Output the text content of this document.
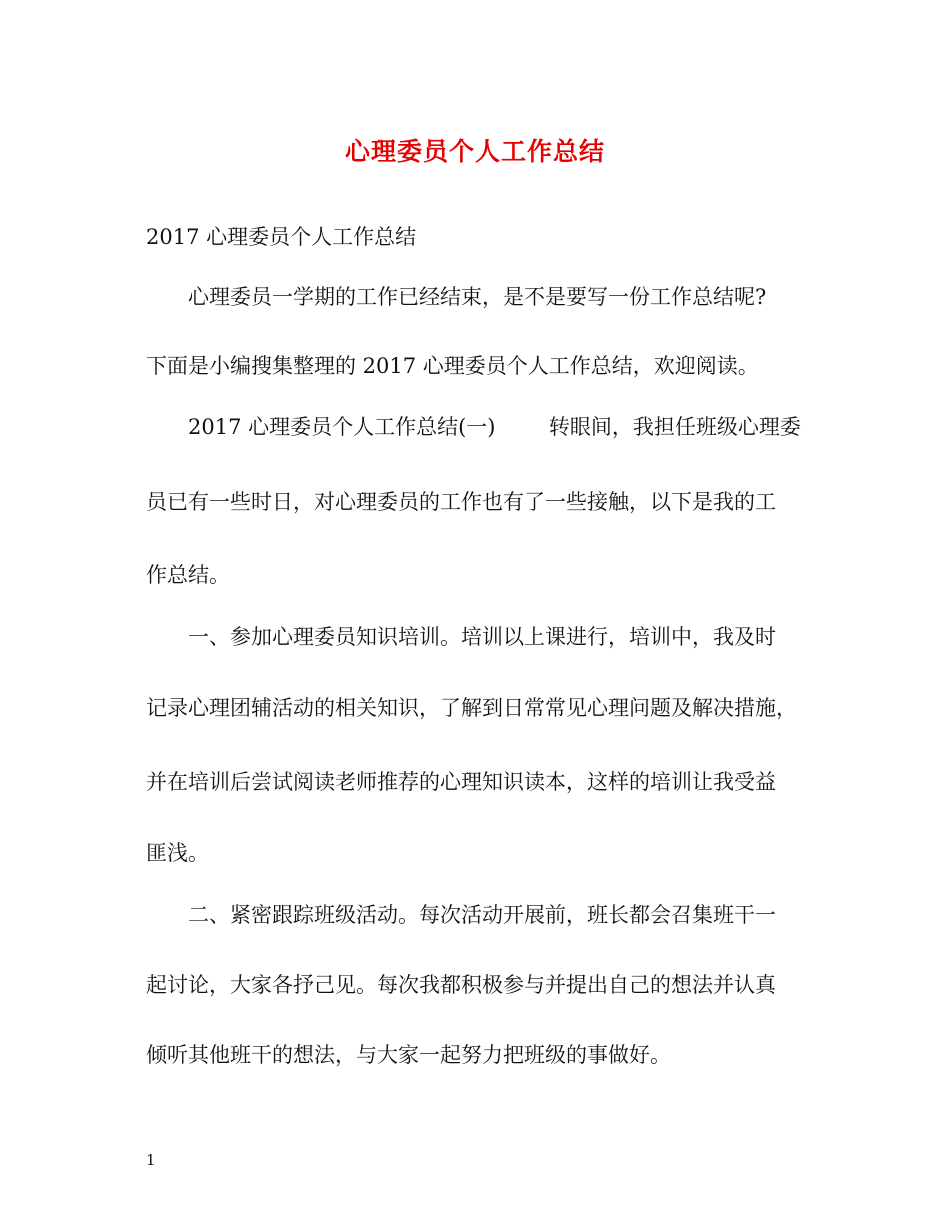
心理委员个人工作总结
2017 心理委员个人工作总结
心理委员一学期的工作已经结束，是不是要写一份工作总结呢?
下面是小编搜集整理的 2017 心理委员个人工作总结，欢迎阅读。
2017 心理委员个人工作总结(一)        转眼间，我担任班级心理委
员已有一些时日，对心理委员的工作也有了一些接触，以下是我的工
作总结。
一、参加心理委员知识培训。培训以上课进行，培训中，我及时
记录心理团辅活动的相关知识，了解到日常常见心理问题及解决措施，
并在培训后尝试阅读老师推荐的心理知识读本，这样的培训让我受益
匪浅。
二、紧密跟踪班级活动。每次活动开展前，班长都会召集班干一
起讨论，大家各抒己见。每次我都积极参与并提出自己的想法并认真
倾听其他班干的想法，与大家一起努力把班级的事做好。
1
